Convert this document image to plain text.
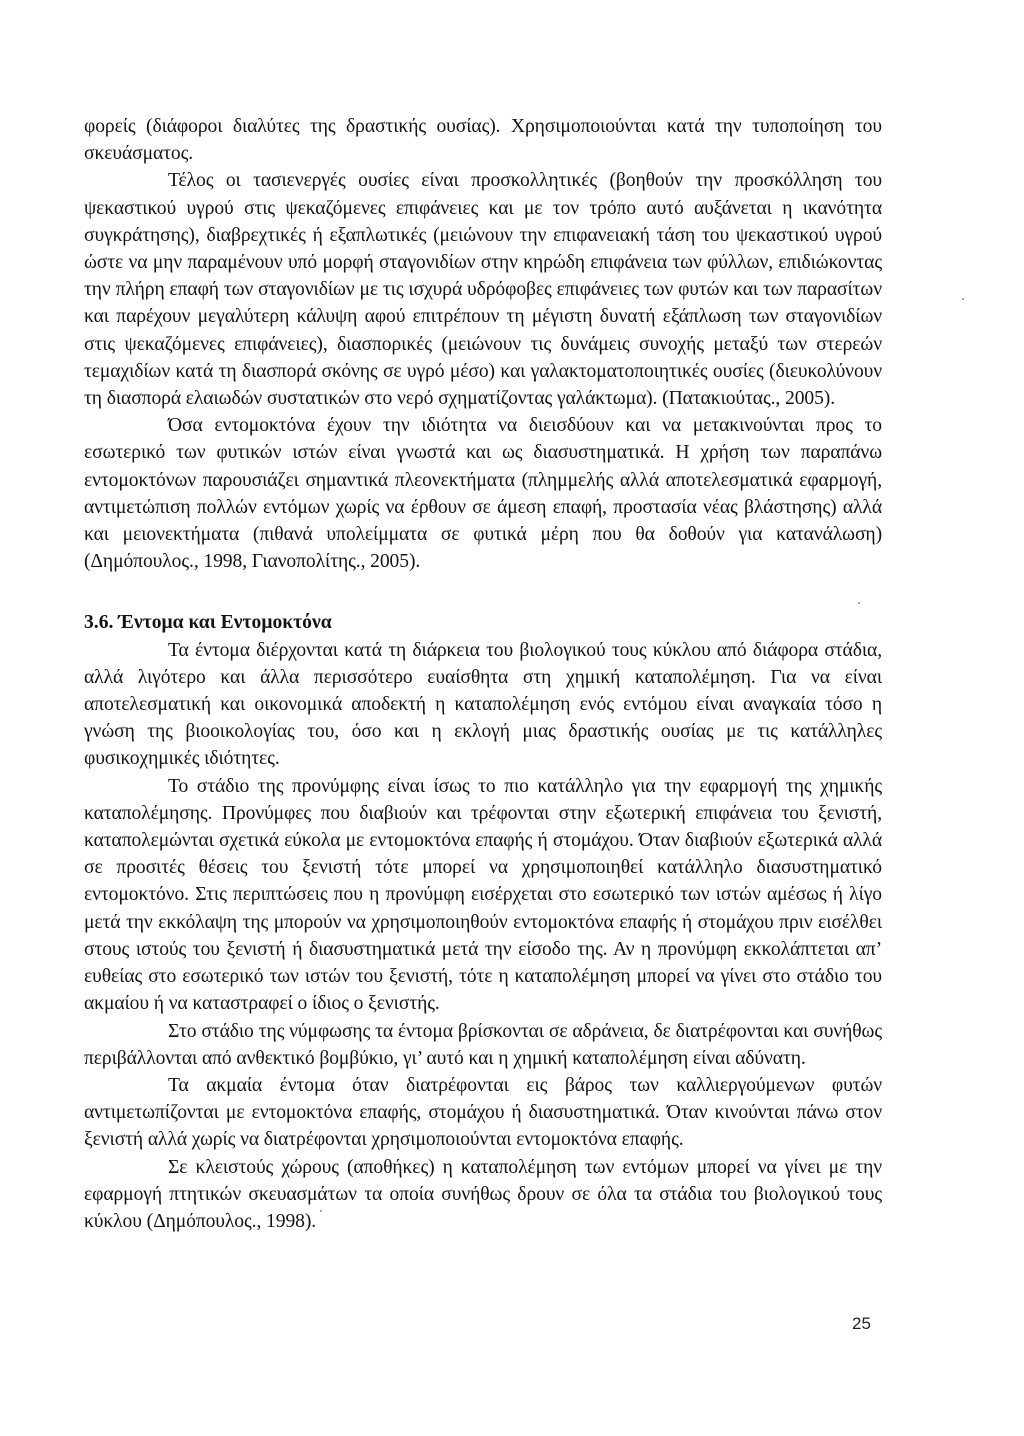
φορείς (διάφοροι διαλύτες της δραστικής ουσίας). Χρησιμοποιούνται κατά την τυποποίηση του σκευάσματος.

Τέλος οι τασιενεργές ουσίες είναι προσκολλητικές (βοηθούν την προσκόλληση του ψεκαστικού υγρού στις ψεκαζόμενες επιφάνειες και με τον τρόπο αυτό αυξάνεται η ικανότητα συγκράτησης), διαβρεχτικές ή εξαπλωτικές (μειώνουν την επιφανειακή τάση του ψεκαστικού υγρού ώστε να μην παραμένουν υπό μορφή σταγονιδίων στην κηρώδη επιφάνεια των φύλλων, επιδιώκοντας την πλήρη επαφή των σταγονιδίων με τις ισχυρά υδρόφοβες επιφάνειες των φυτών και των παρασίτων και παρέχουν μεγαλύτερη κάλυψη αφού επιτρέπουν τη μέγιστη δυνατή εξάπλωση των σταγονιδίων στις ψεκαζόμενες επιφάνειες), διασπορικές (μειώνουν τις δυνάμεις συνοχής μεταξύ των στερεών τεμαχιδίων κατά τη διασπορά σκόνης σε υγρό μέσο) και γαλακτοματοποιητικές ουσίες (διευκολύνουν τη διασπορά ελαιωδών συστατικών στο νερό σχηματίζοντας γαλάκτωμα). (Πατακιούτας., 2005).

Όσα εντομοκτόνα έχουν την ιδιότητα να διεισδύουν και να μετακινούνται προς το εσωτερικό των φυτικών ιστών είναι γνωστά και ως διασυστηματικά. Η χρήση των παραπάνω εντομοκτόνων παρουσιάζει σημαντικά πλεονεκτήματα (πλημμελής αλλά αποτελεσματικά εφαρμογή, αντιμετώπιση πολλών εντόμων χωρίς να έρθουν σε άμεση επαφή, προστασία νέας βλάστησης) αλλά και μειονεκτήματα (πιθανά υπολείμματα σε φυτικά μέρη που θα δοθούν για κατανάλωση) (Δημόπουλος., 1998, Γιανοπολίτης., 2005).

3.6. Έντομα και Εντομοκτόνα

Τα έντομα διέρχονται κατά τη διάρκεια του βιολογικού τους κύκλου από διάφορα στάδια, αλλά λιγότερο και άλλα περισσότερο ευαίσθητα στη χημική καταπολέμηση. Για να είναι αποτελεσματική και οικονομικά αποδεκτή η καταπολέμηση ενός εντόμου είναι αναγκαία τόσο η γνώση της βιοοικολογίας του, όσο και η εκλογή μιας δραστικής ουσίας με τις κατάλληλες φυσικοχημικές ιδιότητες.

Το στάδιο της προνύμφης είναι ίσως το πιο κατάλληλο για την εφαρμογή της χημικής καταπολέμησης. Προνύμφες που διαβιούν και τρέφονται στην εξωτερική επιφάνεια του ξενιστή, καταπολεμώνται σχετικά εύκολα με εντομοκτόνα επαφής ή στομάχου. Όταν διαβιούν εξωτερικά αλλά σε προσιτές θέσεις του ξενιστή τότε μπορεί να χρησιμοποιηθεί κατάλληλο διασυστηματικό εντομοκτόνο. Στις περιπτώσεις που η προνύμφη εισέρχεται στο εσωτερικό των ιστών αμέσως ή λίγο μετά την εκκόλαψη της μπορούν να χρησιμοποιηθούν εντομοκτόνα επαφής ή στομάχου πριν εισέλθει στους ιστούς του ξενιστή ή διασυστηματικά μετά την είσοδο της. Αν η προνύμφη εκκολάπτεται απ’ ευθείας στο εσωτερικό των ιστών του ξενιστή, τότε η καταπολέμηση μπορεί να γίνει στο στάδιο του ακμαίου ή να καταστραφεί ο ίδιος ο ξενιστής.

Στο στάδιο της νύμφωσης τα έντομα βρίσκονται σε αδράνεια, δε διατρέφονται και συνήθως περιβάλλονται από ανθεκτικό βομβύκιο, γι’ αυτό και η χημική καταπολέμηση είναι αδύνατη.

Τα ακμαία έντομα όταν διατρέφονται εις βάρος των καλλιεργούμενων φυτών αντιμετωπίζονται με εντομοκτόνα επαφής, στομάχου ή διασυστηματικά. Όταν κινούνται πάνω στον ξενιστή αλλά χωρίς να διατρέφονται χρησιμοποιούνται εντομοκτόνα επαφής.

Σε κλειστούς χώρους (αποθήκες) η καταπολέμηση των εντόμων μπορεί να γίνει με την εφαρμογή πτητικών σκευασμάτων τα οποία συνήθως δρουν σε όλα τα στάδια του βιολογικού τους κύκλου (Δημόπουλος., 1998).

25
